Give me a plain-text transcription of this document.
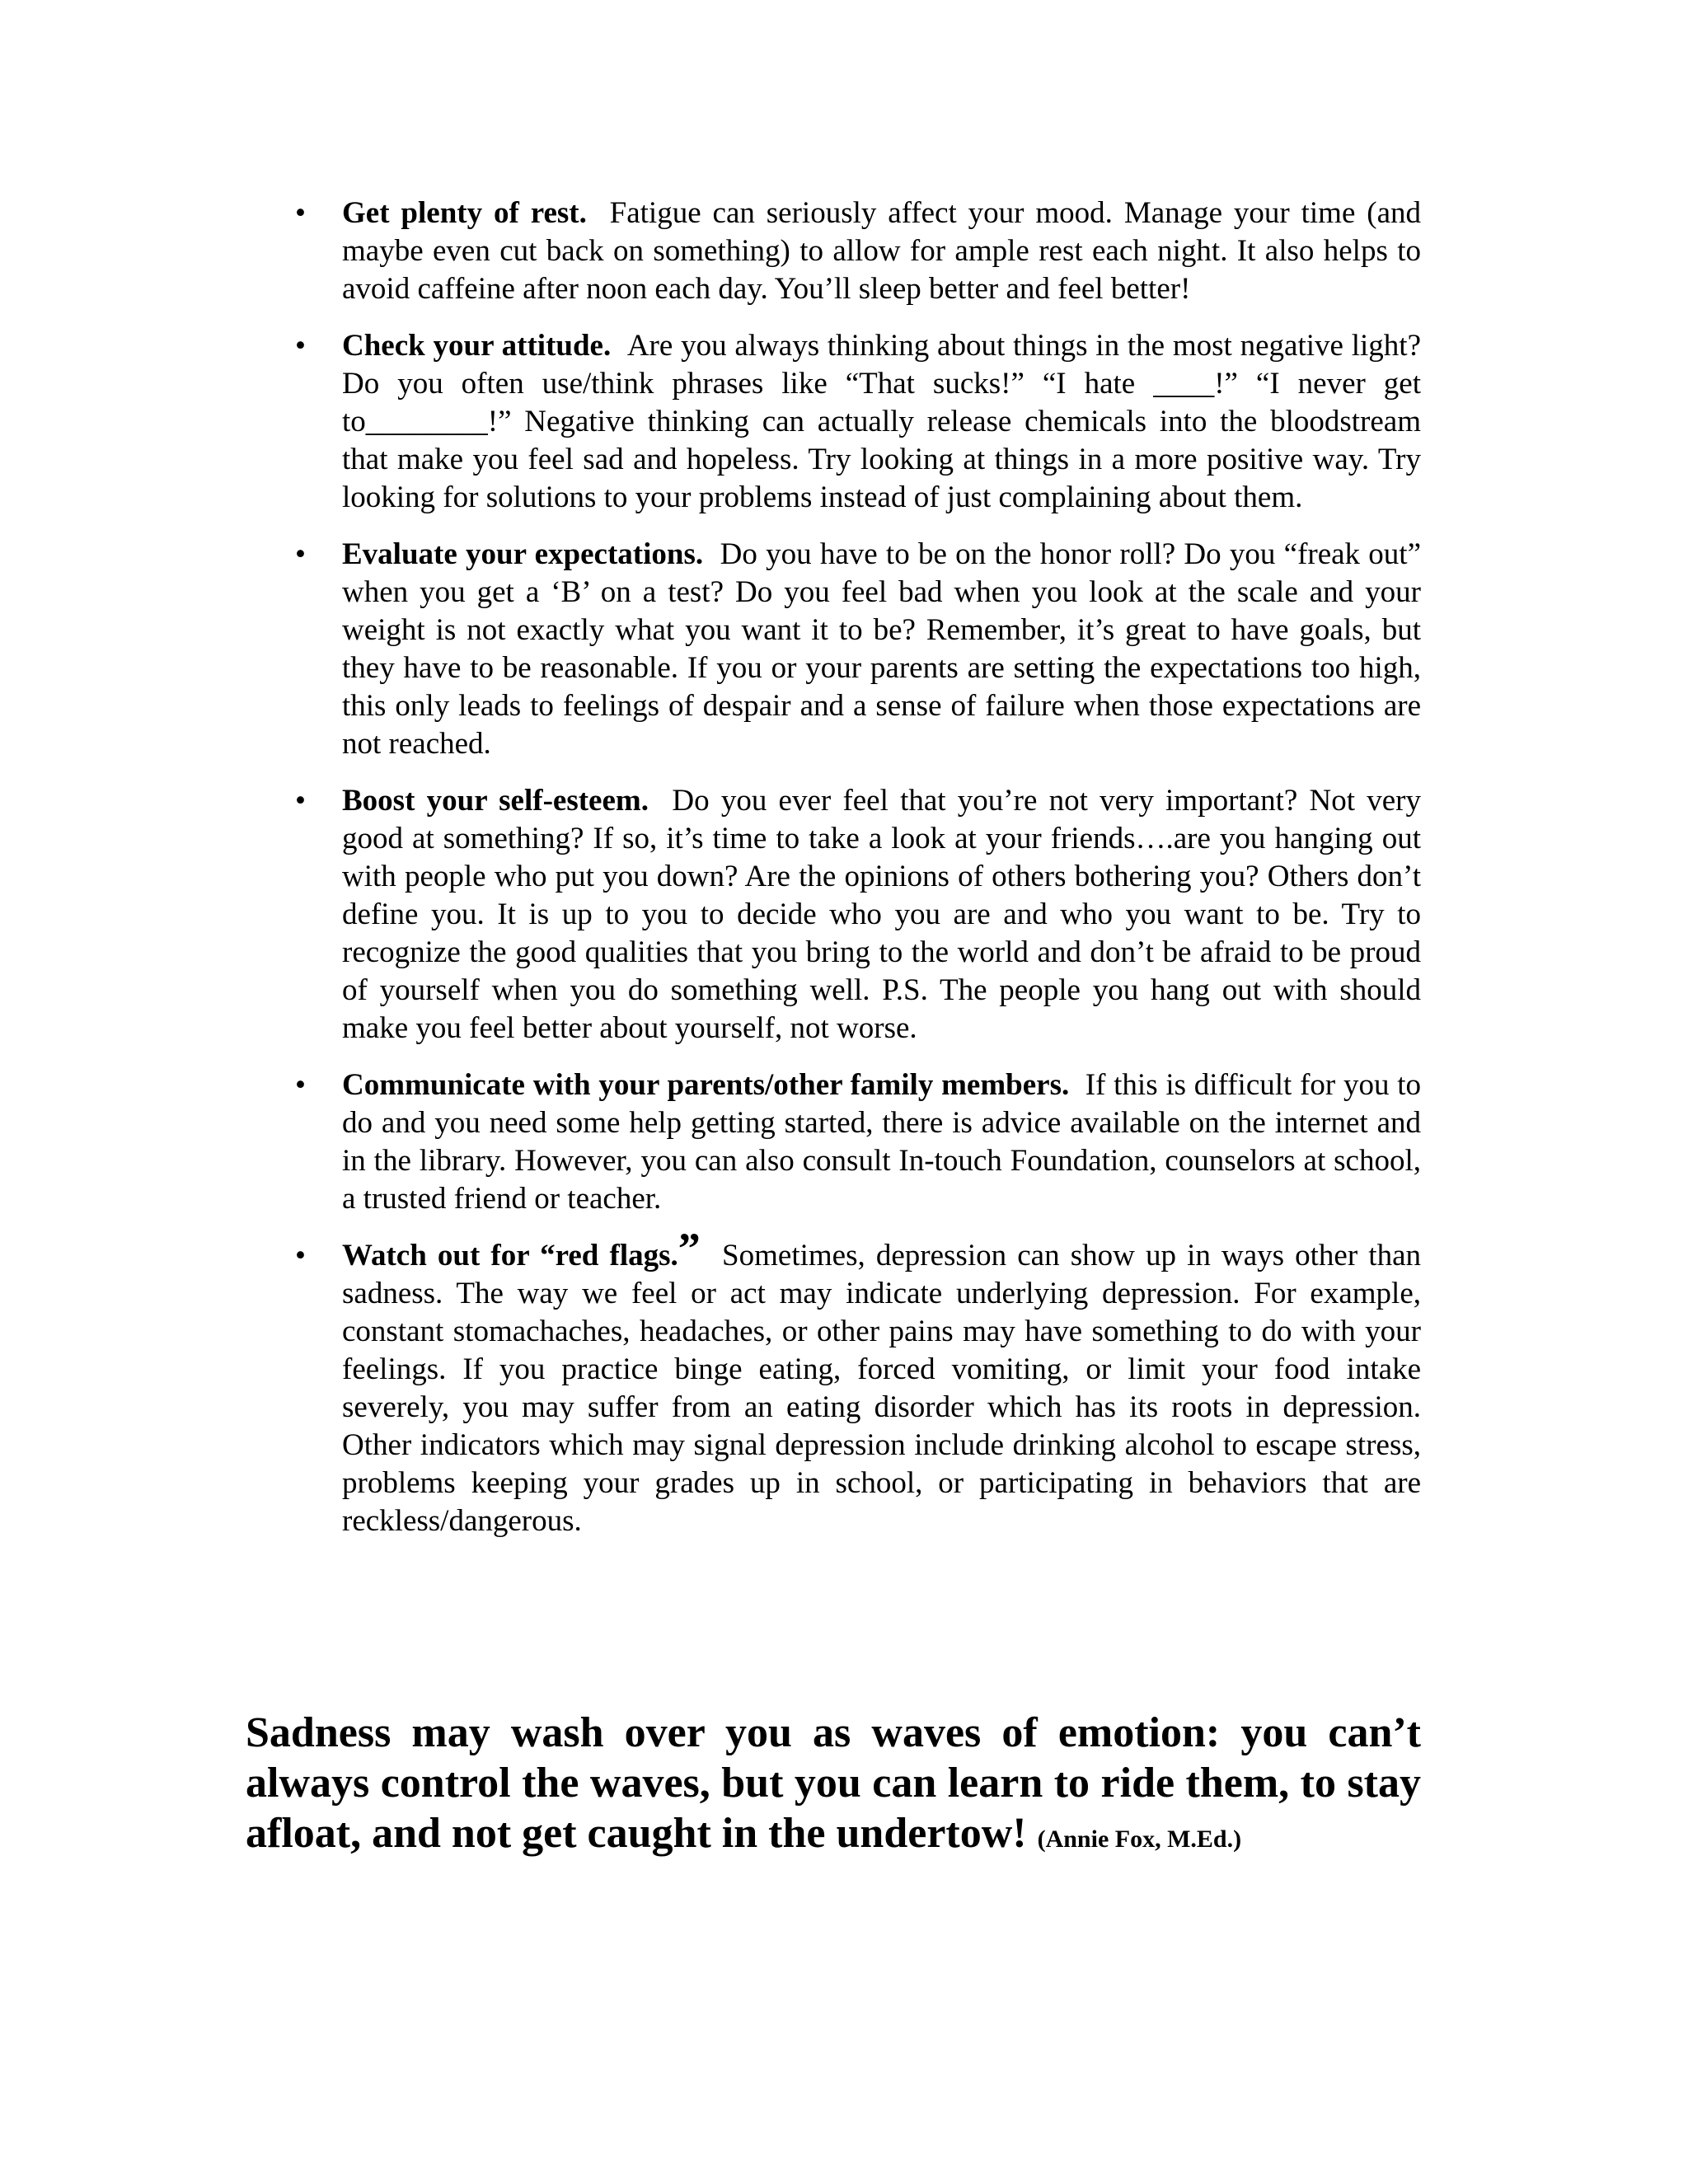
• Get plenty of rest. Fatigue can seriously affect your mood. Manage your time (and maybe even cut back on something) to allow for ample rest each night. It also helps to avoid caffeine after noon each day. You’ll sleep better and feel better!
• Check your attitude. Are you always thinking about things in the most negative light? Do you often use/think phrases like “That sucks!” “I hate ____!” “I never get to________!” Negative thinking can actually release chemicals into the bloodstream that make you feel sad and hopeless. Try looking at things in a more positive way. Try looking for solutions to your problems instead of just complaining about them.
• Evaluate your expectations. Do you have to be on the honor roll? Do you “freak out” when you get a ‘B’ on a test? Do you feel bad when you look at the scale and your weight is not exactly what you want it to be? Remember, it’s great to have goals, but they have to be reasonable. If you or your parents are setting the expectations too high, this only leads to feelings of despair and a sense of failure when those expectations are not reached.
• Boost your self-esteem. Do you ever feel that you’re not very important? Not very good at something? If so, it’s time to take a look at your friends….are you hanging out with people who put you down? Are the opinions of others bothering you? Others don’t define you. It is up to you to decide who you are and who you want to be. Try to recognize the good qualities that you bring to the world and don’t be afraid to be proud of yourself when you do something well. P.S. The people you hang out with should make you feel better about yourself, not worse.
• Communicate with your parents/other family members. If this is difficult for you to do and you need some help getting started, there is advice available on the internet and in the library. However, you can also consult In-touch Foundation, counselors at school, a trusted friend or teacher.
• Watch out for “red flags.” Sometimes, depression can show up in ways other than sadness. The way we feel or act may indicate underlying depression. For example, constant stomachaches, headaches, or other pains may have something to do with your feelings. If you practice binge eating, forced vomiting, or limit your food intake severely, you may suffer from an eating disorder which has its roots in depression. Other indicators which may signal depression include drinking alcohol to escape stress, problems keeping your grades up in school, or participating in behaviors that are reckless/dangerous.
Sadness may wash over you as waves of emotion: you can’t always control the waves, but you can learn to ride them, to stay afloat, and not get caught in the undertow! (Annie Fox, M.Ed.)
